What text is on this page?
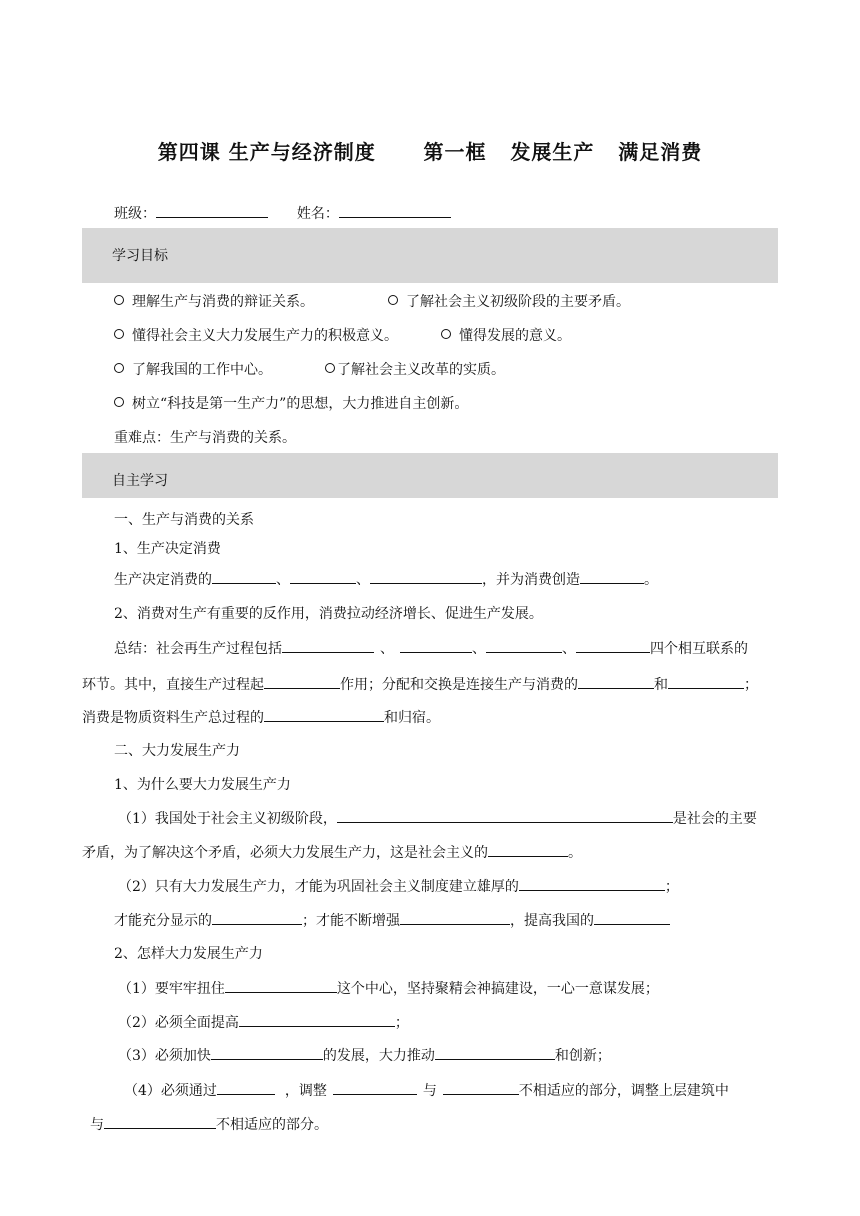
第四课 生产与经济制度      第一框   发展生产   满足消费
班级：	姓名：
学习目标
理解生产与消费的辩证关系。	了解社会主义初级阶段的主要矛盾。
懂得社会主义大力发展生产力的积极意义。	懂得发展的意义。
了解我国的工作中心。	了解社会主义改革的实质。
树立“科技是第一生产力”的思想，大力推进自主创新。
重难点：生产与消费的关系。
自主学习
一、生产与消费的关系
1、生产决定消费
生产决定消费的	、	、	，并为消费创造	。
2、消费对生产有重要的反作用，消费拉动经济增长、促进生产发展。
总结：社会再生产过程包括	、	、	、	四个相互联系的
环节。其中，直接生产过程起	作用；分配和交换是连接生产与消费的	和	；
消费是物质资料生产总过程的	和归宿。
二、大力发展生产力
1、为什么要大力发展生产力
（1）我国处于社会主义初级阶段，	是社会的主要
矛盾，为了解决这个矛盾，必须大力发展生产力，这是社会主义的	。
（2）只有大力发展生产力，才能为巩固社会主义制度建立雄厚的	；
才能充分显示的	；才能不断增强	，提高我国的
2、怎样大力发展生产力
（1）要牢牢扭住	这个中心，坚持聚精会神搞建设，一心一意谋发展；
（2）必须全面提高	；
（3）必须加快	的发展，大力推动	和创新；
（4）必须通过	，调整	与	不相适应的部分，调整上层建筑中
与	不相适应的部分。
